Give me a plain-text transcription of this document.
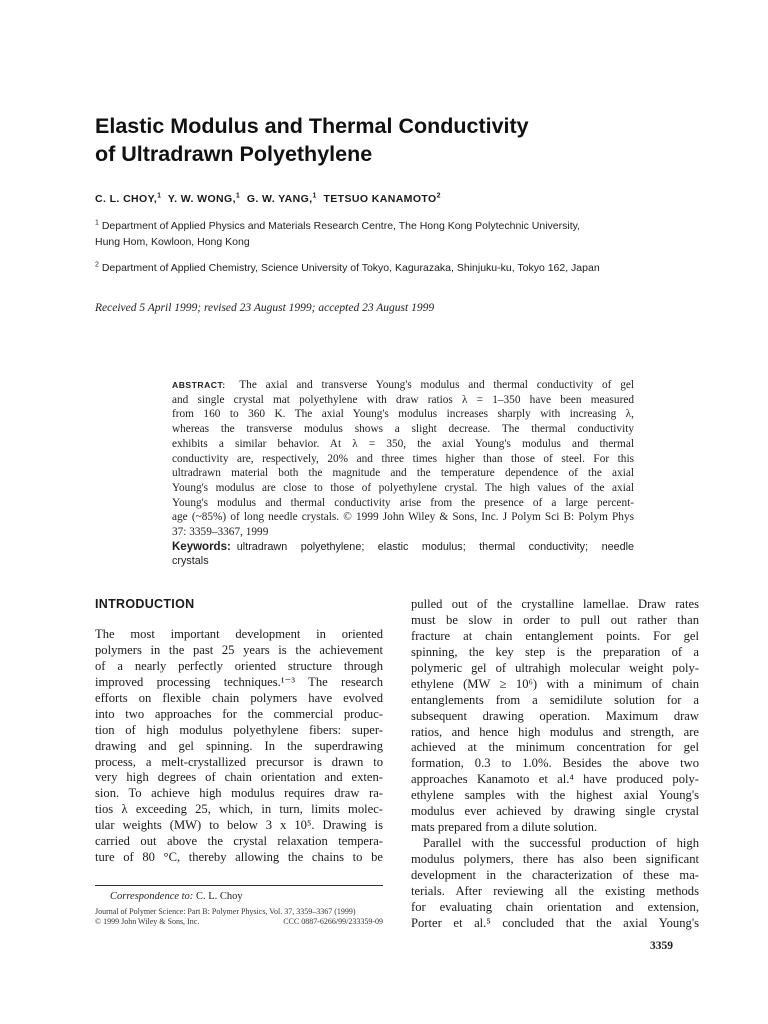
Elastic Modulus and Thermal Conductivity
of Ultradrawn Polyethylene
C. L. CHOY,$^1$ Y. W. WONG,$^1$ G. W. YANG,$^1$ TETSUO KANAMOTO$^2$
$^1$ Department of Applied Physics and Materials Research Centre, The Hong Kong Polytechnic University,
Hung Hom, Kowloon, Hong Kong
$^2$ Department of Applied Chemistry, Science University of Tokyo, Kagurazaka, Shinjuku-ku, Tokyo 162, Japan
Received 5 April 1999; revised 23 August 1999; accepted 23 August 1999
ABSTRACT: The axial and transverse Young's modulus and thermal conductivity of gel
and single crystal mat polyethylene with draw ratios λ = 1–350 have been measured
from 160 to 360 K. The axial Young's modulus increases sharply with increasing λ,
whereas the transverse modulus shows a slight decrease. The thermal conductivity
exhibits a similar behavior. At λ = 350, the axial Young's modulus and thermal
conductivity are, respectively, 20% and three times higher than those of steel. For this
ultradrawn material both the magnitude and the temperature dependence of the axial
Young's modulus are close to those of polyethylene crystal. The high values of the axial
Young's modulus and thermal conductivity arise from the presence of a large percent-
age (~85%) of long needle crystals. © 1999 John Wiley & Sons, Inc. J Polym Sci B: Polym Phys
37: 3359–3367, 1999
Keywords: ultradrawn polyethylene; elastic modulus; thermal conductivity; needle
crystals
INTRODUCTION
The most important development in oriented
polymers in the past 25 years is the achievement
of a nearly perfectly oriented structure through
improved processing techniques.¹⁻³ The research
efforts on flexible chain polymers have evolved
into two approaches for the commercial produc-
tion of high modulus polyethylene fibers: super-
drawing and gel spinning. In the superdrawing
process, a melt-crystallized precursor is drawn to
very high degrees of chain orientation and exten-
sion. To achieve high modulus requires draw ra-
tios λ exceeding 25, which, in turn, limits molec-
ular weights (MW) to below 3 x 10⁵. Drawing is
carried out above the crystal relaxation tempera-
ture of 80 °C, thereby allowing the chains to be
pulled out of the crystalline lamellae. Draw rates
must be slow in order to pull out rather than
fracture at chain entanglement points. For gel
spinning, the key step is the preparation of a
polymeric gel of ultrahigh molecular weight poly-
ethylene (MW ≥ 10⁶) with a minimum of chain
entanglements from a semidilute solution for a
subsequent drawing operation. Maximum draw
ratios, and hence high modulus and strength, are
achieved at the minimum concentration for gel
formation, 0.3 to 1.0%. Besides the above two
approaches Kanamoto et al.⁴ have produced poly-
ethylene samples with the highest axial Young's
modulus ever achieved by drawing single crystal
mats prepared from a dilute solution.
Parallel with the successful production of high
modulus polymers, there has also been significant
development in the characterization of these ma-
terials. After reviewing all the existing methods
for evaluating chain orientation and extension,
Porter et al.⁵ concluded that the axial Young's
Correspondence to: C. L. Choy
Journal of Polymer Science: Part B: Polymer Physics, Vol. 37, 3359–3367 (1999)
© 1999 John Wiley & Sons, Inc.	CCC 0887-6266/99/233359-09
3359
